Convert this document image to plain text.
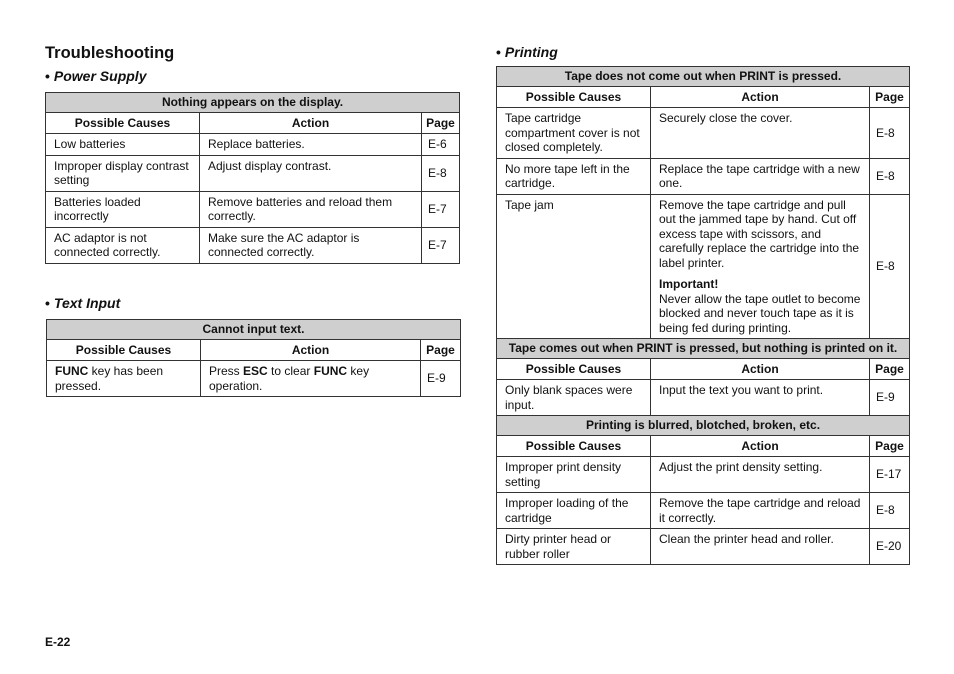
Troubleshooting
• Power Supply
Nothing appears on the display.		
Possible Causes	Action	Page
Low batteries	Replace batteries.	E-6
Improper display contrast setting	Adjust display contrast.	E-8
Batteries loaded incorrectly	Remove batteries and reload them correctly.	E-7
AC adaptor is not connected correctly.	Make sure the AC adaptor is connected correctly.	E-7
• Text Input
Cannot input text.		
Possible Causes	Action	Page
FUNC key has been pressed.	Press ESC to clear FUNC key operation.	E-9
• Printing
Tape does not come out when PRINT is pressed.		
Possible Causes	Action	Page
Tape cartridge compartment cover is not closed completely.	Securely close the cover.	E-8
No more tape left in the cartridge.	Replace the tape cartridge with a new one.	E-8
Tape jam	Remove the tape cartridge and pull out the jammed tape by hand. Cut off excess tape with scissors, and carefully replace the cartridge into the label printer.
Important!
Never allow the tape outlet to become blocked and never touch tape as it is being fed during printing.	E-8
Tape comes out when PRINT is pressed, but nothing is printed on it.		
Possible Causes	Action	Page
Only blank spaces were input.	Input the text you want to print.	E-9
Printing is blurred, blotched, broken, etc.		
Possible Causes	Action	Page
Improper print density setting	Adjust the print density setting.	E-17
Improper loading of the cartridge	Remove the tape cartridge and reload it correctly.	E-8
Dirty printer head or rubber roller	Clean the printer head and roller.	E-20
E-22
